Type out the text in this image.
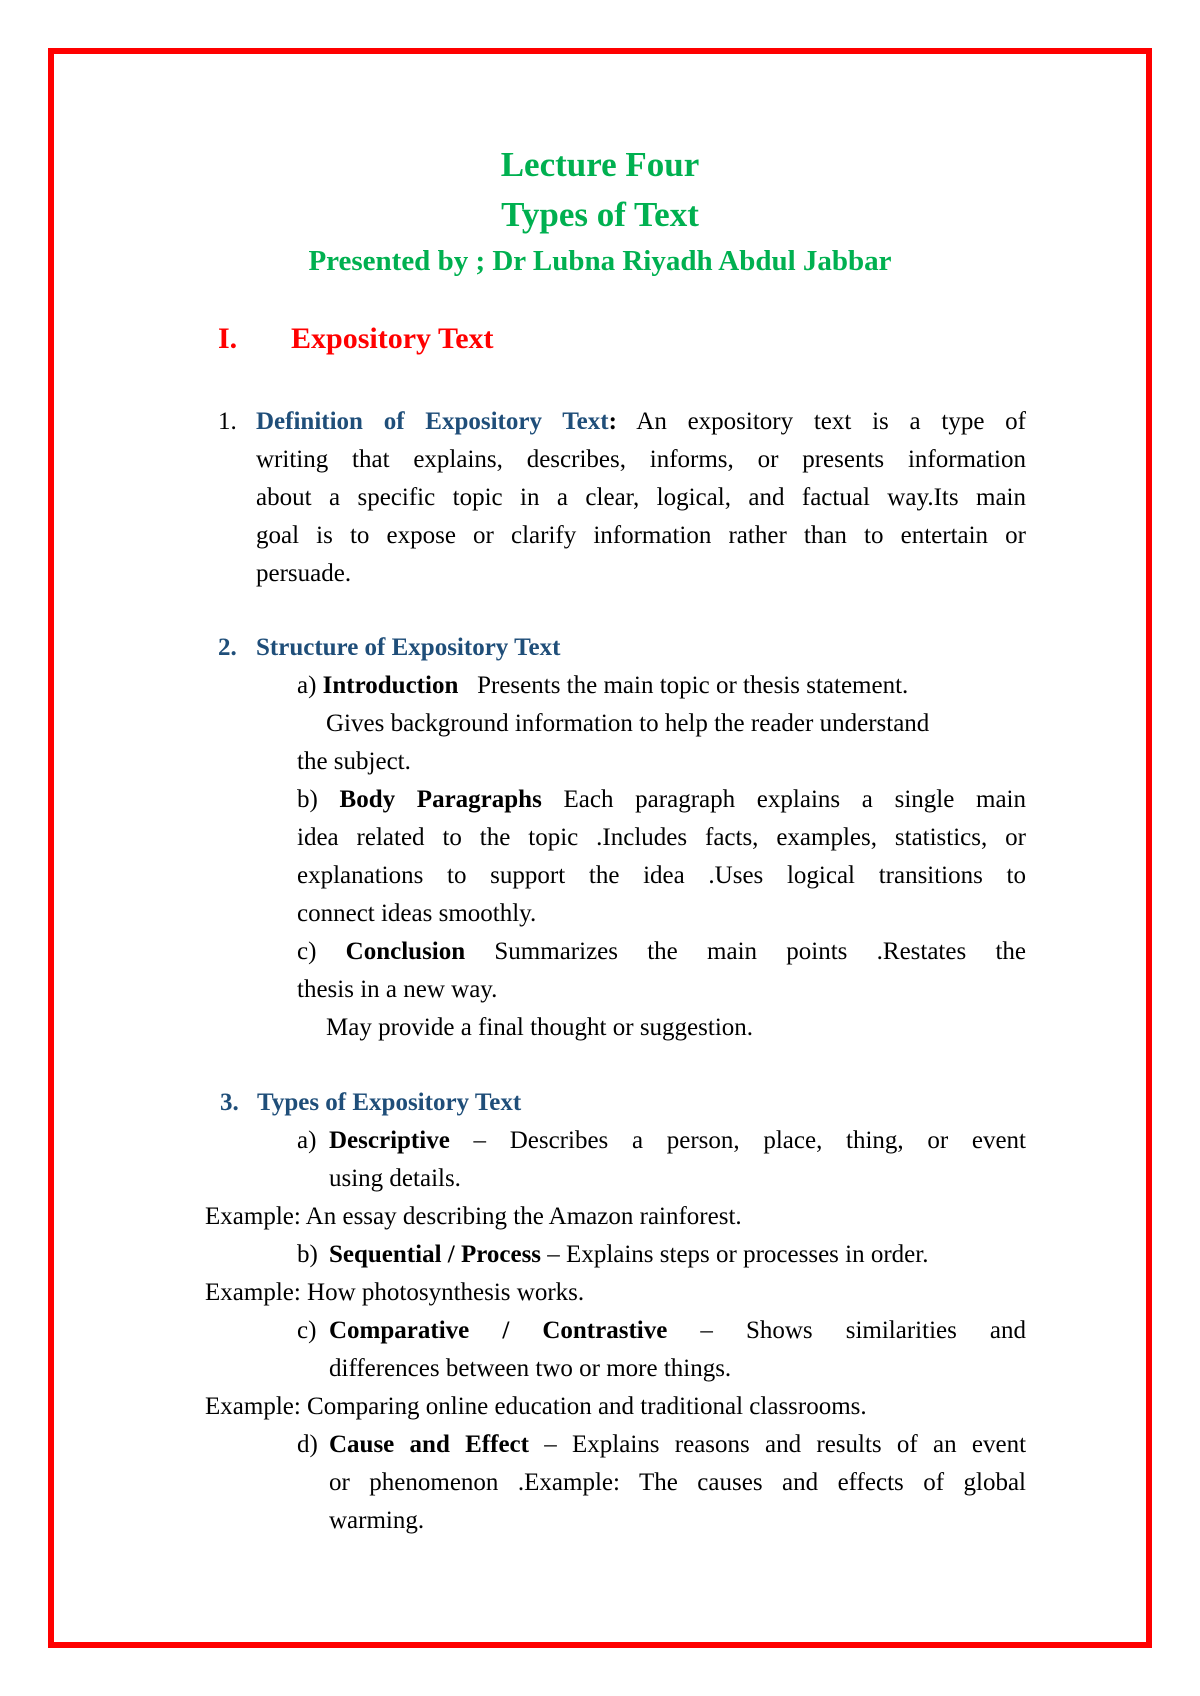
Lecture Four
Types of Text
Presented by ; Dr Lubna Riyadh Abdul Jabbar
I. Expository Text
1. Definition of Expository Text: An expository text is a type of
writing that explains, describes, informs, or presents information
about a specific topic in a clear, logical, and factual way.Its main
goal is to expose or clarify information rather than to entertain or
persuade.
2. Structure of Expository Text
a) Introduction Presents the main topic or thesis statement.
Gives background information to help the reader understand
the subject.
b) Body Paragraphs Each paragraph explains a single main
idea related to the topic .Includes facts, examples, statistics, or
explanations to support the idea .Uses logical transitions to
connect ideas smoothly.
c) Conclusion Summarizes the main points .Restates the
thesis in a new way.
May provide a final thought or suggestion.
3. Types of Expository Text
a) Descriptive – Describes a person, place, thing, or event
using details.
Example: An essay describing the Amazon rainforest.
b) Sequential / Process – Explains steps or processes in order.
Example: How photosynthesis works.
c) Comparative / Contrastive – Shows similarities and
differences between two or more things.
Example: Comparing online education and traditional classrooms.
d) Cause and Effect – Explains reasons and results of an event
or phenomenon .Example: The causes and effects of global
warming.
